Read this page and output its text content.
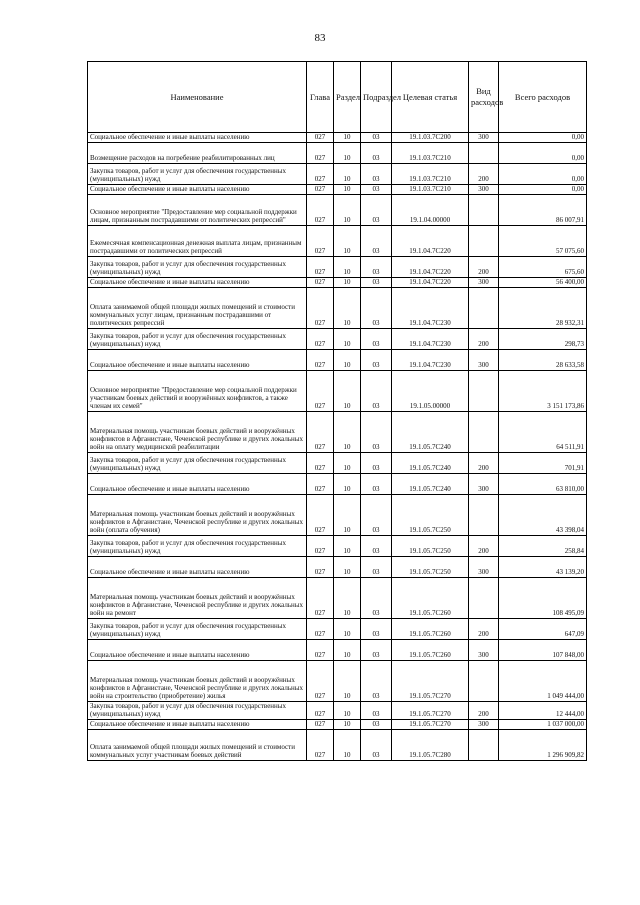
83
Наименование	Глава	Раздел	Подраздел	Целевая статья	Вид расходов	Всего расходов
Социальное обеспечение и иные выплаты населению	027	10	03	19.1.03.7С200	300	0,00
Возмещение расходов на погребение реабилитированных лиц	027	10	03	19.1.03.7С210		0,00
Закупка товаров, работ и услуг для обеспечения государственных (муниципальных) нужд	027	10	03	19.1.03.7С210	200	0,00
Социальное обеспечение и иные выплаты населению	027	10	03	19.1.03.7С210	300	0,00
Основное мероприятие "Предоставление мер социальной поддержки лицам, признанным пострадавшими от политических репрессий"	027	10	03	19.1.04.00000		86 007,91
Ежемесячная компенсационная денежная выплата лицам, признанным пострадавшими от политических репрессий	027	10	03	19.1.04.7С220		57 075,60
Закупка товаров, работ и услуг для обеспечения государственных (муниципальных) нужд	027	10	03	19.1.04.7С220	200	675,60
Социальное обеспечение и иные выплаты населению	027	10	03	19.1.04.7С220	300	56 400,00
Оплата занимаемой общей площади жилых помещений и стоимости коммунальных услуг лицам, признанным пострадавшими от политических репрессий	027	10	03	19.1.04.7С230		28 932,31
Закупка товаров, работ и услуг для обеспечения государственных (муниципальных) нужд	027	10	03	19.1.04.7С230	200	298,73
Социальное обеспечение и иные выплаты населению	027	10	03	19.1.04.7С230	300	28 633,58
Основное мероприятие "Предоставление мер социальной поддержки участникам боевых действий и вооружённых конфликтов, а также членам их семей"	027	10	03	19.1.05.00000		3 151 173,86
Материальная помощь участникам боевых действий и вооружённых конфликтов в Афганистане, Чеченской республике и других локальных войн на оплату медицинской реабилитации	027	10	03	19.1.05.7С240		64 511,91
Закупка товаров, работ и услуг для обеспечения государственных (муниципальных) нужд	027	10	03	19.1.05.7С240	200	701,91
Социальное обеспечение и иные выплаты населению	027	10	03	19.1.05.7С240	300	63 810,00
Материальная помощь участникам боевых действий и вооружённых конфликтов в Афганистане, Чеченской республике и других локальных войн (оплата обучения)	027	10	03	19.1.05.7С250		43 398,04
Закупка товаров, работ и услуг для обеспечения государственных (муниципальных) нужд	027	10	03	19.1.05.7С250	200	258,84
Социальное обеспечение и иные выплаты населению	027	10	03	19.1.05.7С250	300	43 139,20
Материальная помощь участникам боевых действий и вооружённых конфликтов в Афганистане, Чеченской республике и других локальных войн на ремонт	027	10	03	19.1.05.7С260		108 495,09
Закупка товаров, работ и услуг для обеспечения государственных (муниципальных) нужд	027	10	03	19.1.05.7С260	200	647,09
Социальное обеспечение и иные выплаты населению	027	10	03	19.1.05.7С260	300	107 848,00
Материальная помощь участникам боевых действий и вооружённых конфликтов в Афганистане, Чеченской республике и других локальных войн на строительство (приобретение) жилья	027	10	03	19.1.05.7С270		1 049 444,00
Закупка товаров, работ и услуг для обеспечения государственных (муниципальных) нужд	027	10	03	19.1.05.7С270	200	12 444,00
Социальное обеспечение и иные выплаты населению	027	10	03	19.1.05.7С270	300	1 037 000,00
Оплата занимаемой общей площади жилых помещений и стоимости коммунальных услуг участникам боевых действий	027	10	03	19.1.05.7С280		1 296 909,82
